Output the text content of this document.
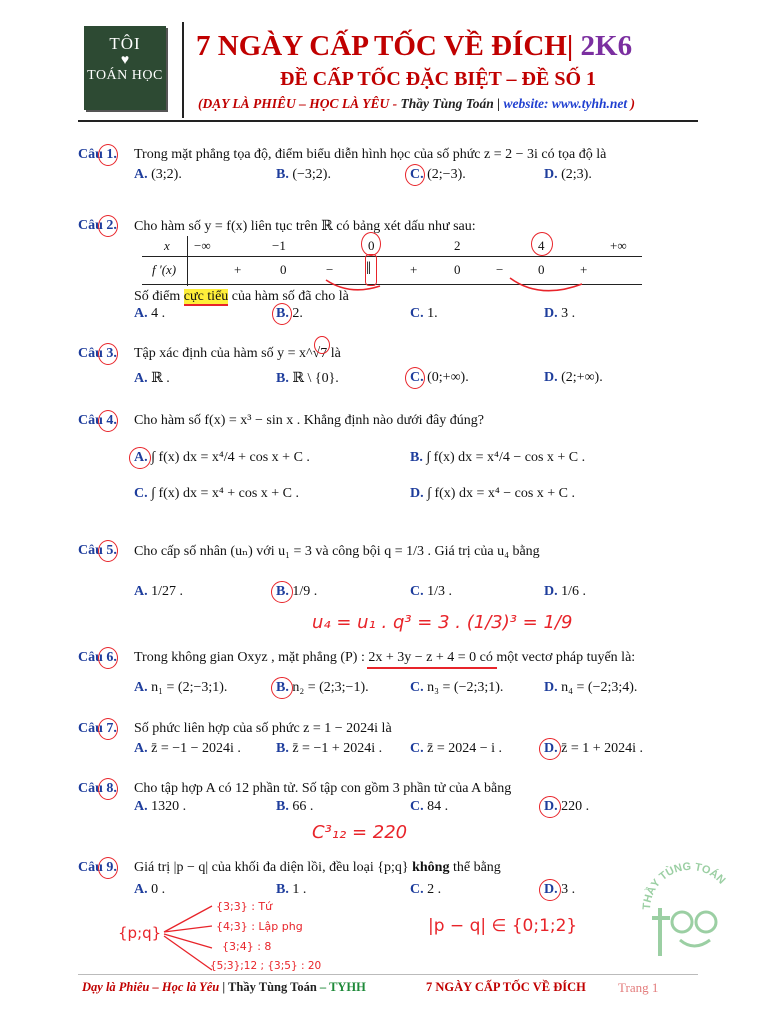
TÔI
♥
TOÁN HỌC
7 NGÀY CẤP TỐC VỀ ĐÍCH| 2K6
ĐỀ CẤP TỐC ĐẶC BIỆT – ĐỀ SỐ 1
(DẠY LÀ PHIÊU – HỌC LÀ YÊU - Thầy Tùng Toán | website: www.tyhh.net )
Câu 1. Trong mặt phẳng tọa độ, điểm biểu diễn hình học của số phức z = 2 − 3i có tọa độ là
A. (3;2).	B. (−3;2).	C. (2;−3).	D. (2;3).
Câu 2. Cho hàm số y = f(x) liên tục trên ℝ có bảng xét dấu như sau:
x −∞	−1	0	2	4	+∞
f ′(x)	+	0	− ‖	+	0	−	0	+
Số điểm cực tiểu của hàm số đã cho là
A. 4 .	B. 2.	C. 1.	D. 3 .
Câu 3. Tập xác định của hàm số y = x^√7 là
A. ℝ .	B. ℝ \ {0}.	C. (0;+∞).	D. (2;+∞).
Câu 4. Cho hàm số f(x) = x³ − sin x . Khẳng định nào dưới đây đúng?
A. ∫ f(x) dx = x⁴/4 + cos x + C .	B. ∫ f(x) dx = x⁴/4 − cos x + C .
C. ∫ f(x) dx = x⁴ + cos x + C .	D. ∫ f(x) dx = x⁴ − cos x + C .
Câu 5. Cho cấp số nhân (uₙ) với u₁ = 3 và công bội q = 1/3 . Giá trị của u₄ bằng
A. 1/27 .	B. 1/9 .	C. 1/3 .	D. 1/6 .
u₄ = u₁ . q³ = 3 . (1/3)³ = 1/9
Câu 6. Trong không gian Oxyz , mặt phẳng (P) : 2x + 3y − z + 4 = 0 có một vectơ pháp tuyến là:
A. n₁ = (2;−3;1).	B. n₂ = (2;3;−1).	C. n₃ = (−2;3;1).	D. n₄ = (−2;3;4).
Câu 7. Số phức liên hợp của số phức z = 1 − 2024i là
A. z̄ = −1 − 2024i .	B. z̄ = −1 + 2024i . C. z̄ = 2024 − i .	D. z̄ = 1 + 2024i .
Câu 8. Cho tập hợp A có 12 phần tử. Số tập con gồm 3 phần tử của A bằng
A. 1320 .	B. 66 .	C. 84 .	D. 220 .
C³₁₂ = 220
Câu 9. Giá trị |p − q| của khối đa diện lồi, đều loại {p;q} không thể bằng
A. 0 .	B. 1 .	C. 2 .	D. 3 .
{p;q}
{3;3} : Tứ
{4;3} : Lập phg
{3;4} : 8
{5;3};12 ; {3;5} : 20
|p − q| ∈ {0;1;2}
THẦY TÙNG TOÁN
Dạy là Phiêu – Học là Yêu | Thầy Tùng Toán – TYHH	7 NGÀY CẤP TỐC VỀ ĐÍCH Trang 1
